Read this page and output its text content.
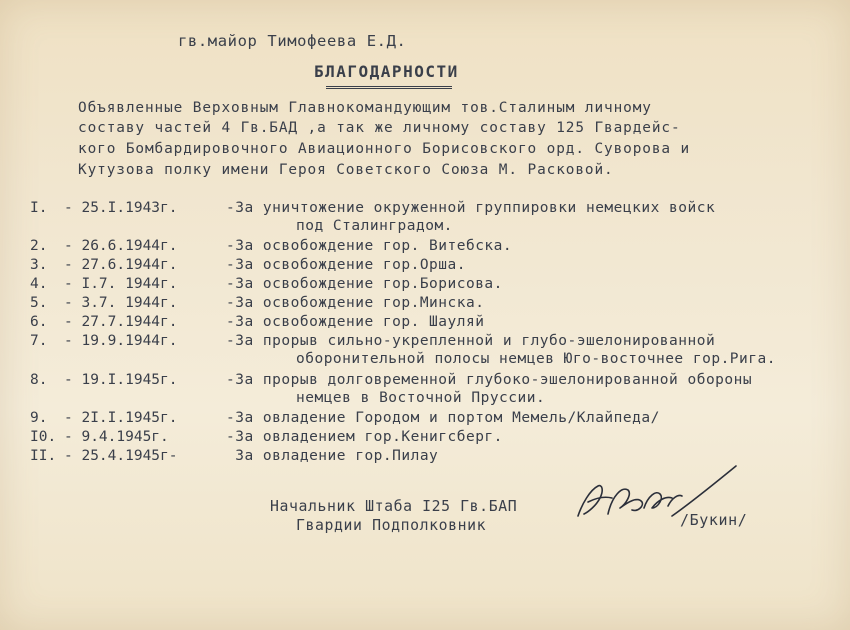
гв.майор Тимофеева Е.Д.
БЛАГОДАРНОСТИ
Объявленные Верховным Главнокомандующим тов.Сталиным личному
составу частей 4 Гв.БАД ,а так же личному составу 125 Гвардейс-
кого Бомбардировочного Авиационного Борисовского орд. Суворова и
Кутузова полку имени Героя Советского Союза М. Расковой.
I. - 25.I.1943г.	-За уничтожение окруженной группировки немецких войск
под Сталинградом.
2. - 26.6.1944г.	-За освобождение гор. Витебска.
3. - 27.6.1944г.	-За освобождение гор.Орша.
4. - I.7. 1944г.	-За освобождение гор.Борисова.
5. - 3.7. 1944г.	-За освобождение гор.Минска.
6. - 27.7.1944г.	-За освобождение гор. Шауляй
7. - 19.9.1944г.	-За прорыв сильно-укрепленной и глубо-эшелонированной
оборонительной полосы немцев Юго-восточнее гор.Рига.
8. - 19.I.1945г.	-За прорыв долговременной глубоко-эшелонированной обороны
немцев в Восточной Пруссии.
9. - 2I.I.1945г.	-За овладение Городом и портом Мемель/Клайпеда/
I0. - 9.4.1945г.	-За овладением гор.Кенигсберг.
II. - 25.4.1945г-	За овладение гор.Пилау
Начальник Штаба I25 Гв.БАП
Гвардии Подполковник	/Букин/
